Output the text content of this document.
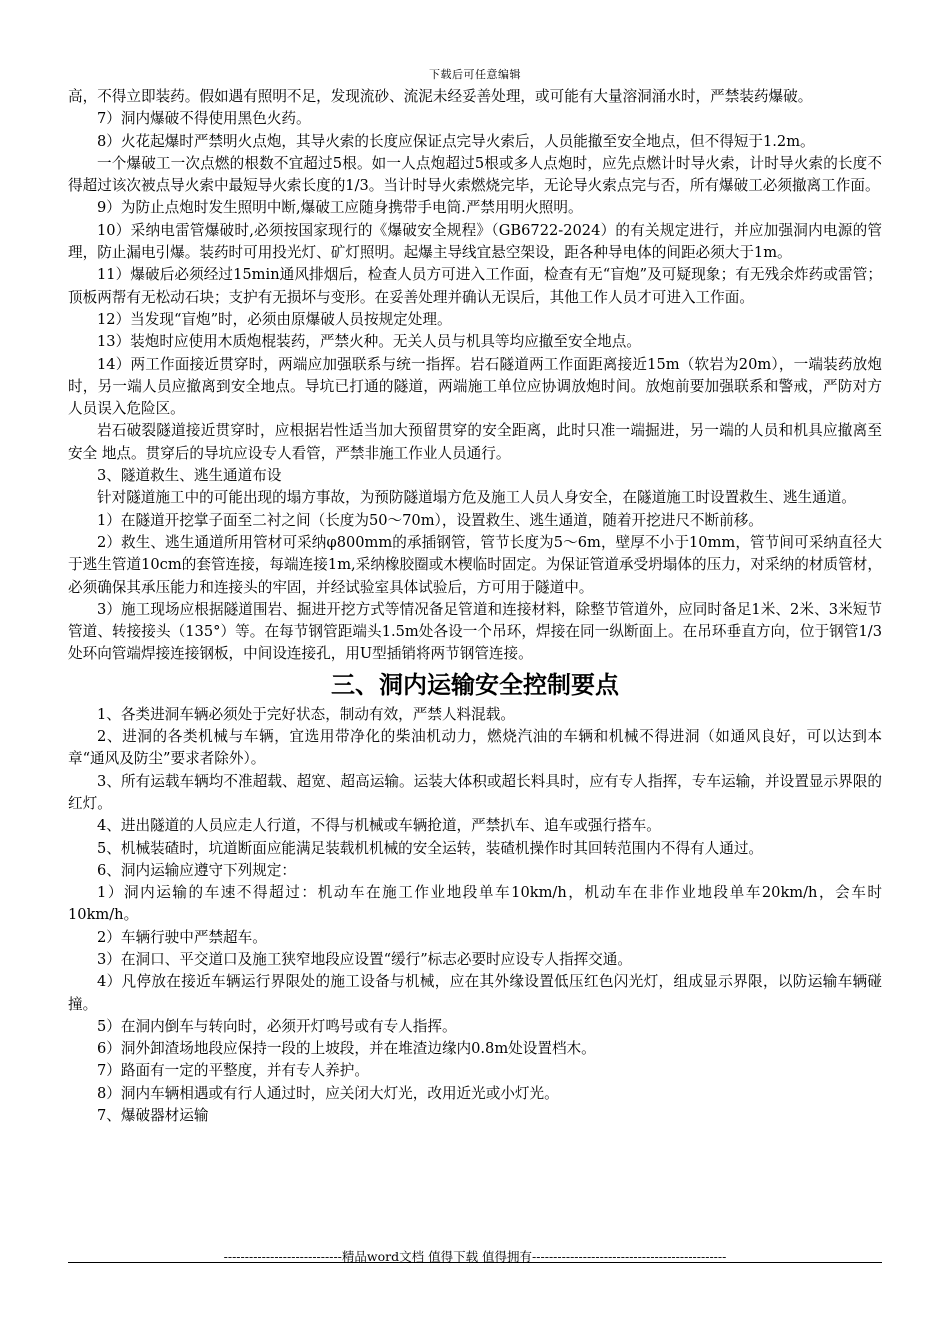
下载后可任意编辑

高，不得立即装药。假如遇有照明不足，发现流砂、流泥未经妥善处理，或可能有大量溶洞涌水时，严禁装药爆破。

7）洞内爆破不得使用黑色火药。

8）火花起爆时严禁明火点炮，其导火索的长度应保证点完导火索后，人员能撤至安全地点，但不得短于1.2m。

一个爆破工一次点燃的根数不宜超过5根。如一人点炮超过5根或多人点炮时，应先点燃计时导火索，计时导火索的长度不得超过该次被点导火索中最短导火索长度的1/3。当计时导火索燃烧完毕，无论导火索点完与否，所有爆破工必须撤离工作面。

9）为防止点炮时发生照明中断,爆破工应随身携带手电筒.严禁用明火照明。

10）采纳电雷管爆破时,必须按国家现行的《爆破安全规程》（GB6722-2024）的有关规定进行，并应加强洞内电源的管理，防止漏电引爆。装药时可用投光灯、矿灯照明。起爆主导线宜悬空架设，距各种导电体的间距必须大于1m。

11）爆破后必须经过15min通风排烟后，检查人员方可进入工作面，检查有无“盲炮”及可疑现象；有无残余炸药或雷管；顶板两帮有无松动石块；支护有无损坏与变形。在妥善处理并确认无误后，其他工作人员才可进入工作面。

12）当发现“盲炮”时，必须由原爆破人员按规定处理。

13）装炮时应使用木质炮棍装药，严禁火种。无关人员与机具等均应撤至安全地点。

14）两工作面接近贯穿时，两端应加强联系与统一指挥。岩石隧道两工作面距离接近15m（软岩为20m），一端装药放炮时，另一端人员应撤离到安全地点。导坑已打通的隧道，两端施工单位应协调放炮时间。放炮前要加强联系和警戒，严防对方人员误入危险区。

岩石破裂隧道接近贯穿时，应根据岩性适当加大预留贯穿的安全距离，此时只准一端掘进，另一端的人员和机具应撤离至安全 地点。贯穿后的导坑应设专人看管，严禁非施工作业人员通行。

3、隧道救生、逃生通道布设

针对隧道施工中的可能出现的塌方事故，为预防隧道塌方危及施工人员人身安全，在隧道施工时设置救生、逃生通道。

1）在隧道开挖掌子面至二衬之间（长度为50～70m），设置救生、逃生通道，随着开挖进尺不断前移。

2）救生、逃生通道所用管材可采纳φ800mm的承插钢管，管节长度为5～6m，壁厚不小于10mm，管节间可采纳直径大于逃生管道10cm的套管连接，每端连接1m,采纳橡胶圈或木楔临时固定。为保证管道承受坍塌体的压力，对采纳的材质管材，必须确保其承压能力和连接头的牢固，并经试验室具体试验后，方可用于隧道中。

3）施工现场应根据隧道围岩、掘进开挖方式等情况备足管道和连接材料，除整节管道外，应同时备足1米、2米、3米短节管道、转接接头（135°）等。在每节钢管距端头1.5m处各设一个吊环，焊接在同一纵断面上。在吊环垂直方向，位于钢管1/3处环向管端焊接连接钢板，中间设连接孔，用U型插销将两节钢管连接。

三、洞内运输安全控制要点

1、各类进洞车辆必须处于完好状态，制动有效，严禁人料混载。

2、进洞的各类机械与车辆，宜选用带净化的柴油机动力，燃烧汽油的车辆和机械不得进洞（如通风良好，可以达到本章“通风及防尘”要求者除外）。

3、所有运载车辆均不准超载、超宽、超高运输。运装大体积或超长料具时，应有专人指挥，专车运输，并设置显示界限的红灯。

4、进出隧道的人员应走人行道，不得与机械或车辆抢道，严禁扒车、追车或强行搭车。

5、机械装碴时，坑道断面应能满足装载机机械的安全运转，装碴机操作时其回转范围内不得有人通过。

6、洞内运输应遵守下列规定：

1）洞内运输的车速不得超过：机动车在施工作业地段单车10km/h，机动车在非作业地段单车20km/h，会车时10km/h。

2）车辆行驶中严禁超车。

3）在洞口、平交道口及施工狭窄地段应设置“缓行”标志必要时应设专人指挥交通。

4）凡停放在接近车辆运行界限处的施工设备与机械，应在其外缘设置低压红色闪光灯，组成显示界限，以防运输车辆碰撞。

5）在洞内倒车与转向时，必须开灯鸣号或有专人指挥。

6）洞外卸渣场地段应保持一段的上坡段，并在堆渣边缘内0.8m处设置档木。

7）路面有一定的平整度，并有专人养护。

8）洞内车辆相遇或有行人通过时，应关闭大灯光，改用近光或小灯光。

7、爆破器材运输

----------------------------精品word文档 值得下载 值得拥有----------------------------------------------
